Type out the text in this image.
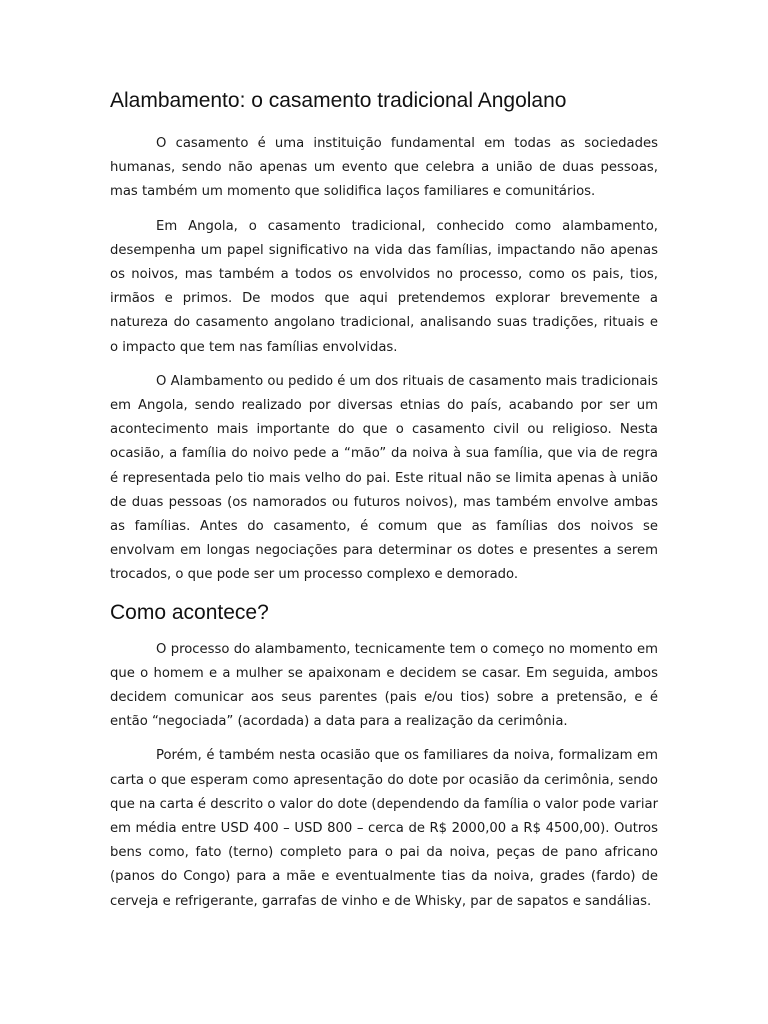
Alambamento: o casamento tradicional Angolano

O casamento é uma instituição fundamental em todas as sociedades humanas, sendo não apenas um evento que celebra a união de duas pessoas, mas também um momento que solidifica laços familiares e comunitários.

Em Angola, o casamento tradicional, conhecido como alambamento, desempenha um papel significativo na vida das famílias, impactando não apenas os noivos, mas também a todos os envolvidos no processo, como os pais, tios, irmãos e primos. De modos que aqui pretendemos explorar brevemente a natureza do casamento angolano tradicional, analisando suas tradições, rituais e o impacto que tem nas famílias envolvidas.

O Alambamento ou pedido é um dos rituais de casamento mais tradicionais em Angola, sendo realizado por diversas etnias do país, acabando por ser um acontecimento mais importante do que o casamento civil ou religioso. Nesta ocasião, a família do noivo pede a “mão” da noiva à sua família, que via de regra é representada pelo tio mais velho do pai. Este ritual não se limita apenas à união de duas pessoas (os namorados ou futuros noivos), mas também envolve ambas as famílias. Antes do casamento, é comum que as famílias dos noivos se envolvam em longas negociações para determinar os dotes e presentes a serem trocados, o que pode ser um processo complexo e demorado.

Como acontece?

O processo do alambamento, tecnicamente tem o começo no momento em que o homem e a mulher se apaixonam e decidem se casar. Em seguida, ambos decidem comunicar aos seus parentes (pais e/ou tios) sobre a pretensão, e é então “negociada” (acordada) a data para a realização da cerimônia.

Porém, é também nesta ocasião que os familiares da noiva, formalizam em carta o que esperam como apresentação do dote por ocasião da cerimônia, sendo que na carta é descrito o valor do dote (dependendo da família o valor pode variar em média entre USD 400 – USD 800 – cerca de R$ 2000,00 a R$ 4500,00). Outros bens como, fato (terno) completo para o pai da noiva, peças de pano africano (panos do Congo) para a mãe e eventualmente tias da noiva, grades (fardo) de cerveja e refrigerante, garrafas de vinho e de Whisky, par de sapatos e sandálias.
